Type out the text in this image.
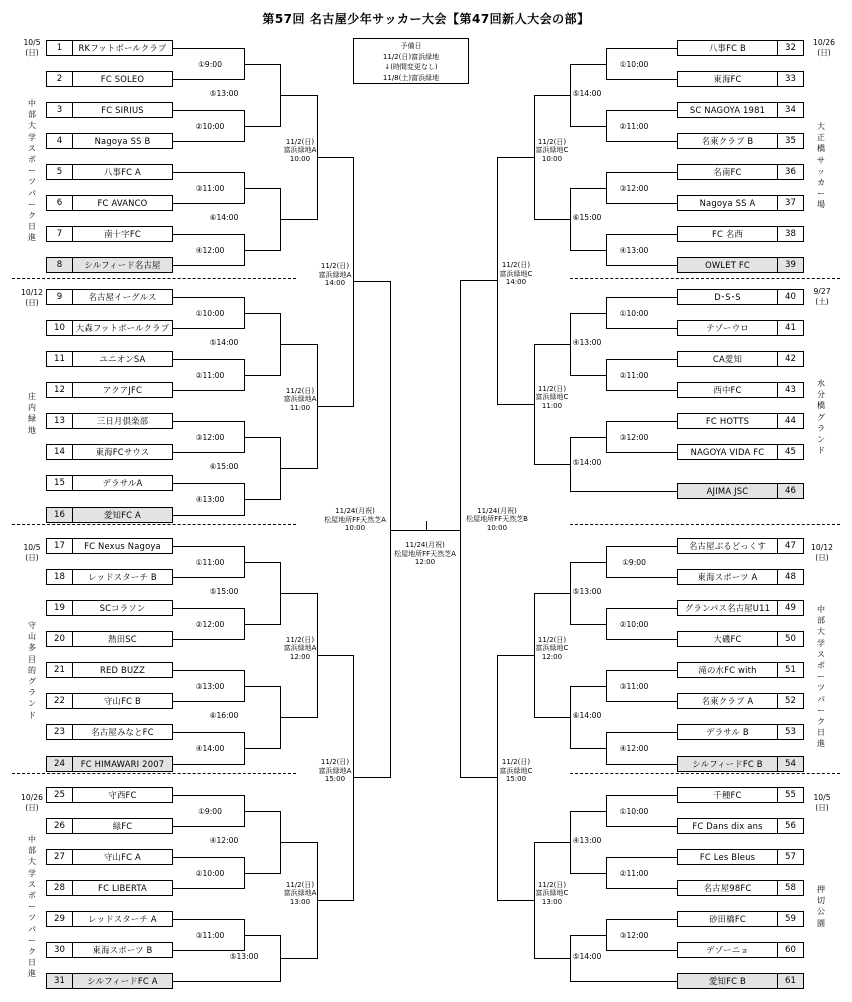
第57回 名古屋少年サッカー大会【第47回新人大会の部】
予備日
11/2(日)富浜緑地
↓(時間変更なし)
11/8(土)富浜緑地
1	RKフットボールクラブ
2	FC SOLEO
3	FC SIRIUS
4	Nagoya SS B
5	八事FC A
6	FC AVANCO
7	南十字FC
8	シルフィード名古屋
9	名古屋イーグルス
10	大森フットボールクラブ
11	ユニオンSA
12	アクアJFC
13	三日月倶楽部
14	東海FCサウス
15	デラサルA
16	愛知FC A
17	FC Nexus Nagoya
18	レッドスターチ B
19	SCコラソン
20	熱田SC
21	RED BUZZ
22	守山FC B
23	名古屋みなとFC
24	FC HIMAWARI 2007
25	守西FC
26	緑FC
27	守山FC A
28	FC LIBERTA
29	レッドスターチ A
30	東海スポーツ B
31	シルフィードFC A
八事FC B	32
東海FC	33
SC NAGOYA 1981	34
名東クラブ B	35
名南FC	36
Nagoya SS A	37
FC 名西	38
OWLET FC	39
D･S･S	40
テゾーウロ	41
CA愛知	42
西中FC	43
FC HOTTS	44
NAGOYA VIDA FC	45
AJIMA JSC	46
名古屋ぶるどっくす	47
東海スポーツ A	48
グランパス名古屋U11	49
大磯FC	50
滝の水FC with	51
名東クラブ A	52
デラサル B	53
シルフィードFC B	54
千種FC	55
FC Dans dix ans	56
FC Les Bleus	57
名古屋98FC	58
砂田橋FC	59
デゾーニョ	60
愛知FC B	61
①9:00
②10:00
③11:00
④12:00
⑤13:00
⑥14:00
①10:00
②11:00
③12:00
④13:00
⑤14:00
⑥15:00
①11:00
②12:00
③13:00
④14:00
⑤15:00
⑥16:00
①9:00
②10:00
③11:00
④12:00
⑤13:00
11/2(日)
富浜緑地A
10:00
11/2(日)
富浜緑地A
11:00
11/2(日)
富浜緑地A
12:00
11/2(日)
富浜緑地A
13:00
11/2(日)
富浜緑地A
14:00
11/2(日)
富浜緑地A
15:00
11/24(月祝)
松屋地所FF天然芝A
10:00
①10:00
②11:00
③12:00
④13:00
⑤14:00
⑥15:00
①10:00
②11:00
③12:00
④13:00
⑤14:00
①9:00
②10:00
③11:00
④12:00
⑤13:00
⑥14:00
①10:00
②11:00
③12:00
④13:00
⑤14:00
11/2(日)
富浜緑地C
10:00
11/2(日)
富浜緑地C
11:00
11/2(日)
富浜緑地C
12:00
11/2(日)
富浜緑地C
13:00
11/2(日)
富浜緑地C
14:00
11/2(日)
富浜緑地C
15:00
11/24(月祝)
松屋地所FF天然芝B
10:00
11/24(月祝)
松屋地所FF天然芝A
12:00
10/5
(日)
10/12
(日)
10/5
(日)
10/26
(日)
10/26
(日)
9/27
(土)
10/12
(日)
10/5
(日)
中部大学スポーツパーク日進
庄内緑地
守山多目的グランド
中部大学スポーツパーク日進
大正橋サッカー場
水分橋グランド
中部大学スポーツパーク日進
押切公園
